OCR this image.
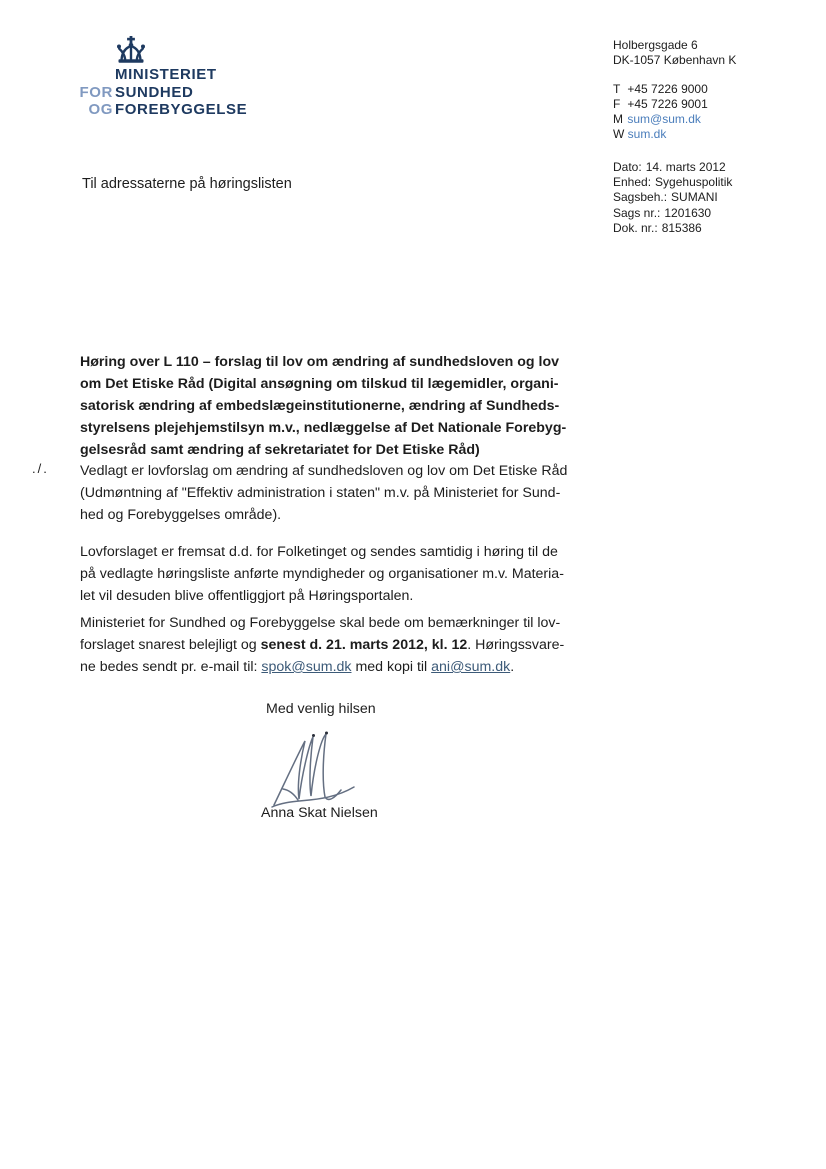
MINISTERIET
FOR SUNDHED
OG FOREBYGGELSE
Holbergsgade 6
DK-1057 København K
T +45 7226 9000
F +45 7226 9001
M sum@sum.dk
W sum.dk
Dato: 14. marts 2012
Enhed: Sygehuspolitik
Sagsbeh.: SUMANI
Sags nr.: 1201630
Dok. nr.: 815386
Til adressaterne på høringslisten
Høring over L 110 – forslag til lov om ændring af sundhedsloven og lov
om Det Etiske Råd (Digital ansøgning om tilskud til lægemidler, organi-
satorisk ændring af embedslægeinstitutionerne, ændring af Sundheds-
styrelsens plejehjemstilsyn m.v., nedlæggelse af Det Nationale Forebyg-
gelsesråd samt ændring af sekretariatet for Det Etiske Råd)
./. Vedlagt er lovforslag om ændring af sundhedsloven og lov om Det Etiske Råd
(Udmøntning af "Effektiv administration i staten" m.v. på Ministeriet for Sund-
hed og Forebyggelses område).
Lovforslaget er fremsat d.d. for Folketinget og sendes samtidig i høring til de
på vedlagte høringsliste anførte myndigheder og organisationer m.v. Materia-
let vil desuden blive offentliggjort på Høringsportalen.
Ministeriet for Sundhed og Forebyggelse skal bede om bemærkninger til lov-
forslaget snarest belejligt og senest d. 21. marts 2012, kl. 12. Høringssvare-
ne bedes sendt pr. e-mail til: spok@sum.dk med kopi til ani@sum.dk.
Med venlig hilsen
Anna Skat Nielsen
